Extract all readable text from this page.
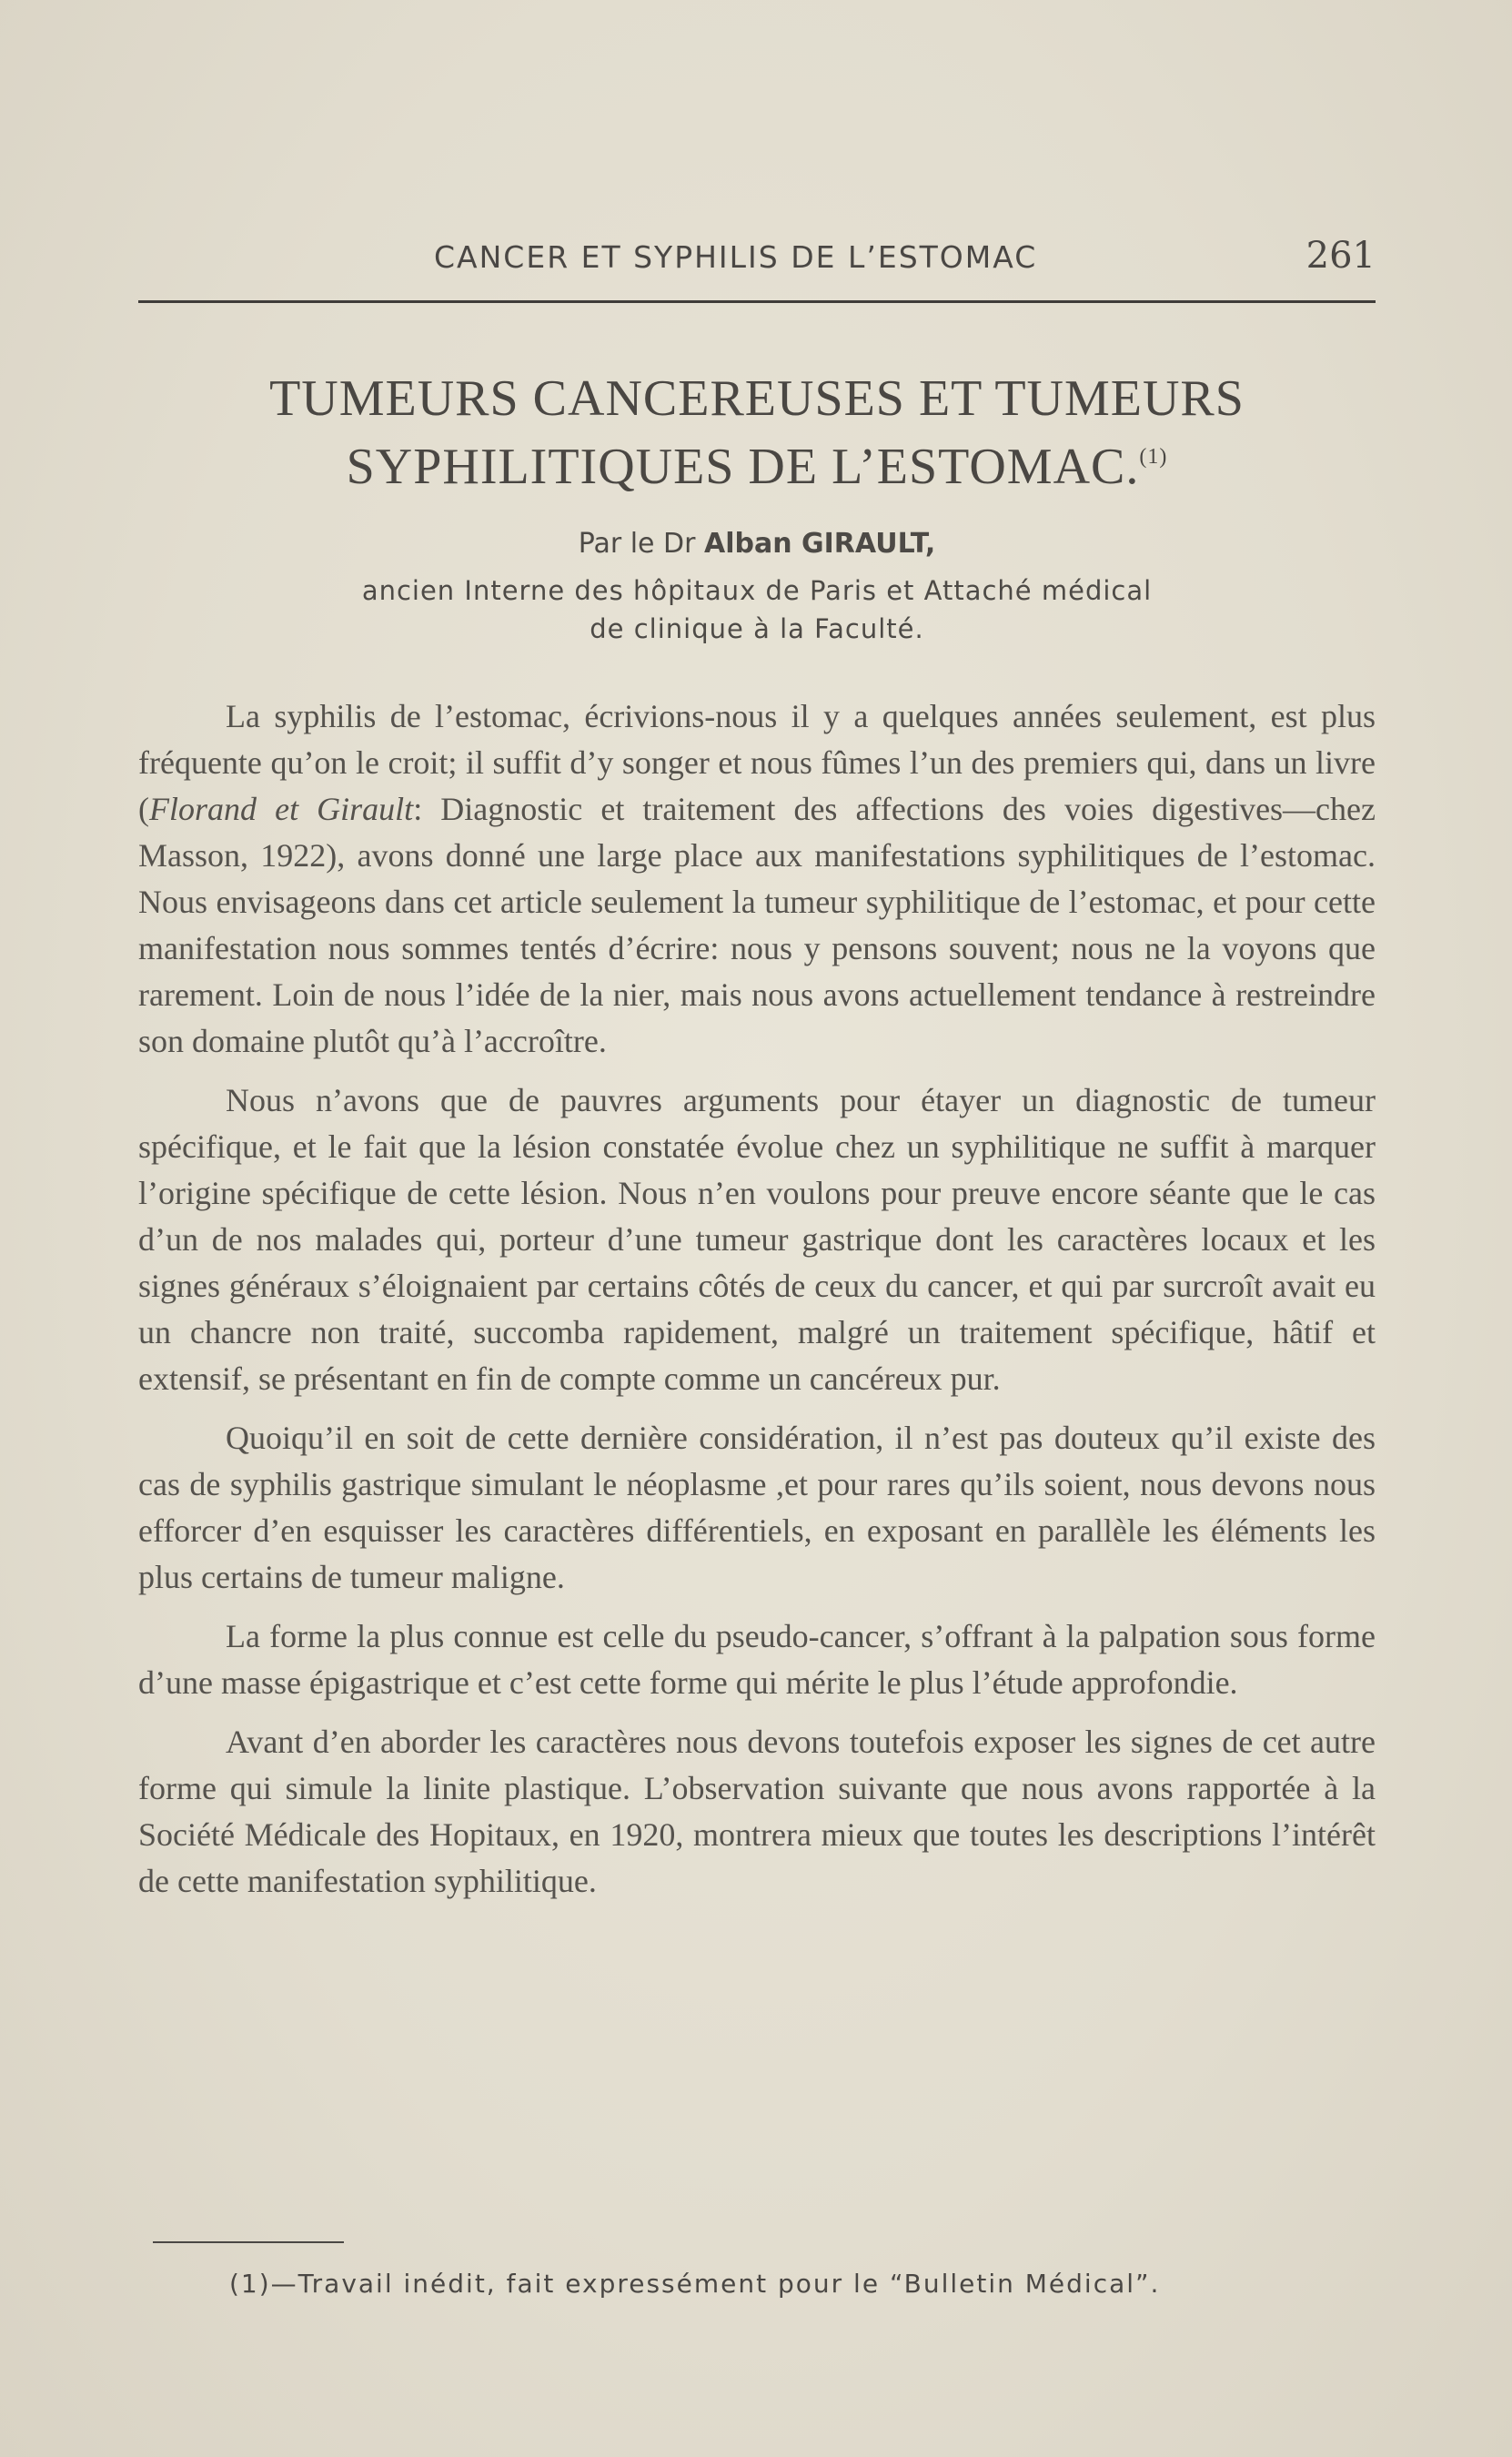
CANCER ET SYPHILIS DE L’ESTOMAC	261
TUMEURS CANCEREUSES ET TUMEURS
SYPHILITIQUES DE L’ESTOMAC.$^{(1)}$
Par le Dr Alban GIRAULT,
ancien Interne des hôpitaux de Paris et Attaché médical
de clinique à la Faculté.

La syphilis de l’estomac, écrivions-nous il y a quelques années seulement, est plus fréquente qu’on le croit; il suffit d’y songer et nous fûmes l’un des premiers qui, dans un livre (Florand et Girault: Diagnostic et traitement des affections des voies digestives—chez Masson, 1922), avons donné une large place aux manifestations syphilitiques de l’estomac. Nous envisageons dans cet article seulement la tumeur syphilitique de l’estomac, et pour cette manifestation nous sommes tentés d’écrire: nous y pensons souvent; nous ne la voyons que rarement. Loin de nous l’idée de la nier, mais nous avons actuellement tendance à restreindre son domaine plutôt qu’à l’accroître.

Nous n’avons que de pauvres arguments pour étayer un diagnostic de tumeur spécifique, et le fait que la lésion constatée évolue chez un syphilitique ne suffit à marquer l’origine spécifique de cette lésion. Nous n’en voulons pour preuve encore séante que le cas d’un de nos malades qui, porteur d’une tumeur gastrique dont les caractères locaux et les signes généraux s’éloignaient par certains côtés de ceux du cancer, et qui par surcroît avait eu un chancre non traité, succomba rapidement, malgré un traitement spécifique, hâtif et extensif, se présentant en fin de compte comme un cancéreux pur.

Quoiqu’il en soit de cette dernière considération, il n’est pas douteux qu’il existe des cas de syphilis gastrique simulant le néoplasme ,et pour rares qu’ils soient, nous devons nous efforcer d’en esquisser les caractères différentiels, en exposant en parallèle les éléments les plus certains de tumeur maligne.

La forme la plus connue est celle du pseudo-cancer, s’offrant à la palpation sous forme d’une masse épigastrique et c’est cette forme qui mérite le plus l’étude approfondie.

Avant d’en aborder les caractères nous devons toutefois exposer les signes de cet autre forme qui simule la linite plastique. L’observation suivante que nous avons rapportée à la Société Médicale des Hopitaux, en 1920, montrera mieux que toutes les descriptions l’intérêt de cette manifestation syphilitique.

(1)—Travail inédit, fait expressément pour le “Bulletin Médical”.
